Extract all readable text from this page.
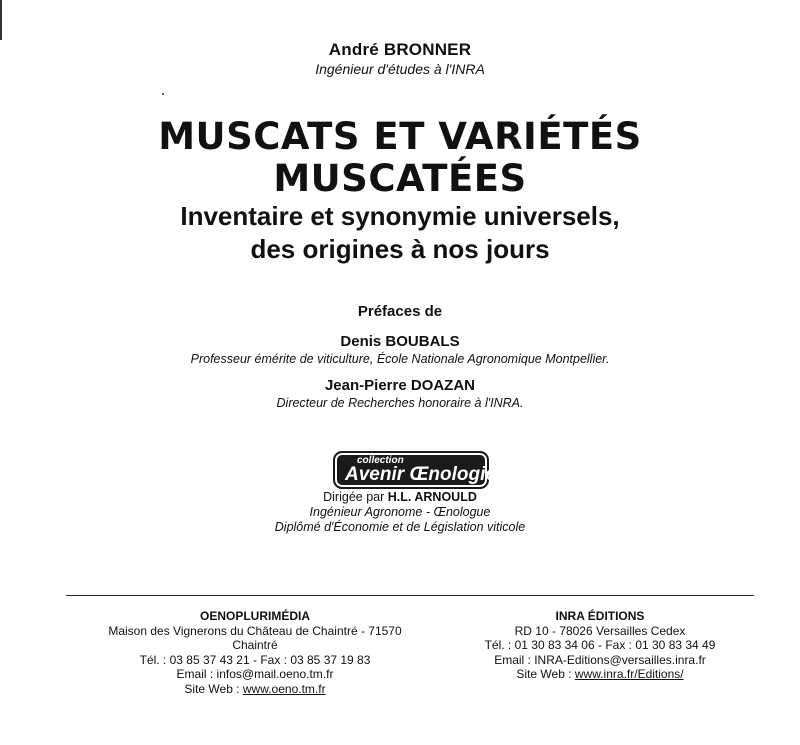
André BRONNER
Ingénieur d'études à l'INRA
MUSCATS ET VARIÉTÉS
MUSCATÉES
Inventaire et synonymie universels,
des origines à nos jours
Préfaces de
Denis BOUBALS
Professeur émérite de viticulture, École Nationale Agronomique Montpellier.
Jean-Pierre DOAZAN
Directeur de Recherches honoraire à l'INRA.
collection
Avenir Œnologie
Dirigée par H.L. ARNOULD
Ingénieur Agronome - Œnologue
Diplômé d'Économie et de Législation viticole
OENOPLURIMÉDIA
Maison des Vignerons du Château de Chaintré - 71570 Chaintré
Tél. : 03 85 37 43 21 - Fax : 03 85 37 19 83
Email : infos@mail.oeno.tm.fr
Site Web : www.oeno.tm.fr
INRA ÉDITIONS
RD 10 - 78026 Versailles Cedex
Tél. : 01 30 83 34 06 - Fax : 01 30 83 34 49
Email : INRA-Editions@versailles.inra.fr
Site Web : www.inra.fr/Editions/
